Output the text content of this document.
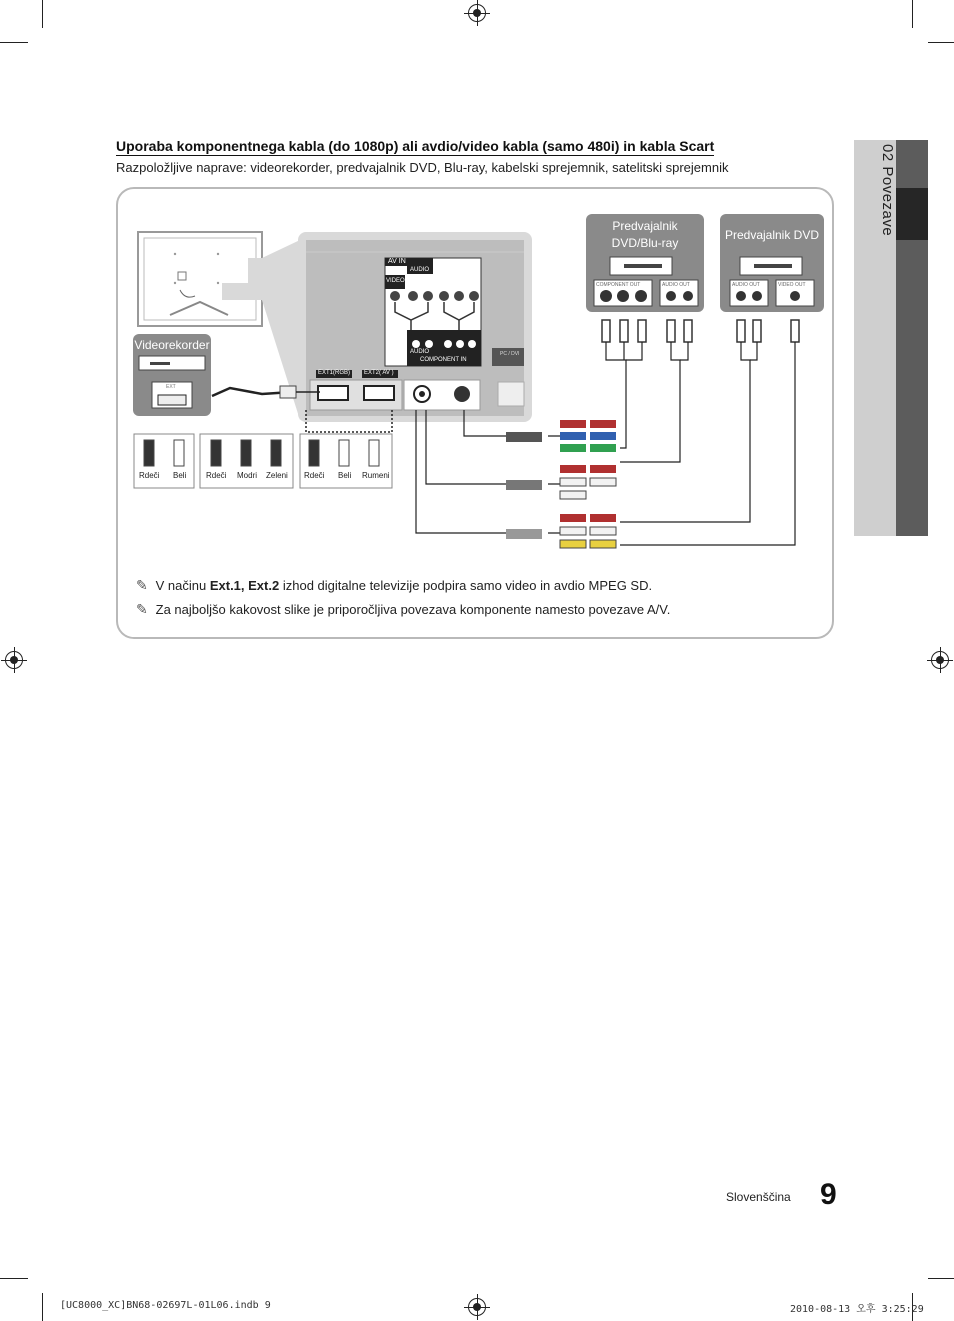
02 Povezave
Uporaba komponentnega kabla (do 1080p) ali avdio/video kabla (samo 480i) in kabla Scart
Razpoložljive naprave: videorekorder, predvajalnik DVD, Blu-ray, kabelski sprejemnik, satelitski sprejemnik
Videorekorder
Predvajalnik
DVD/Blu-ray
Predvajalnik DVD
AV IN
VIDEO
AUDIO
AUDIO
COMPONENT IN
PC / DVI
EXT1(RGB) EXT2( AV )
EXT
COMPONENT OUT	AUDIO OUT	AUDIO OUT	VIDEO OUT
Rdeči Beli Rdeči Modri Zeleni Rdeči Beli Rumeni
✎ V načinu Ext.1, Ext.2 izhod digitalne televizije podpira samo video in avdio MPEG SD.
✎ Za najboljšo kakovost slike je priporočljiva povezava komponente namesto povezave A/V.
Slovenščina 9
[UC8000_XC]BN68-02697L-01L06.indb 9	2010-08-13 오후 3:25:29
